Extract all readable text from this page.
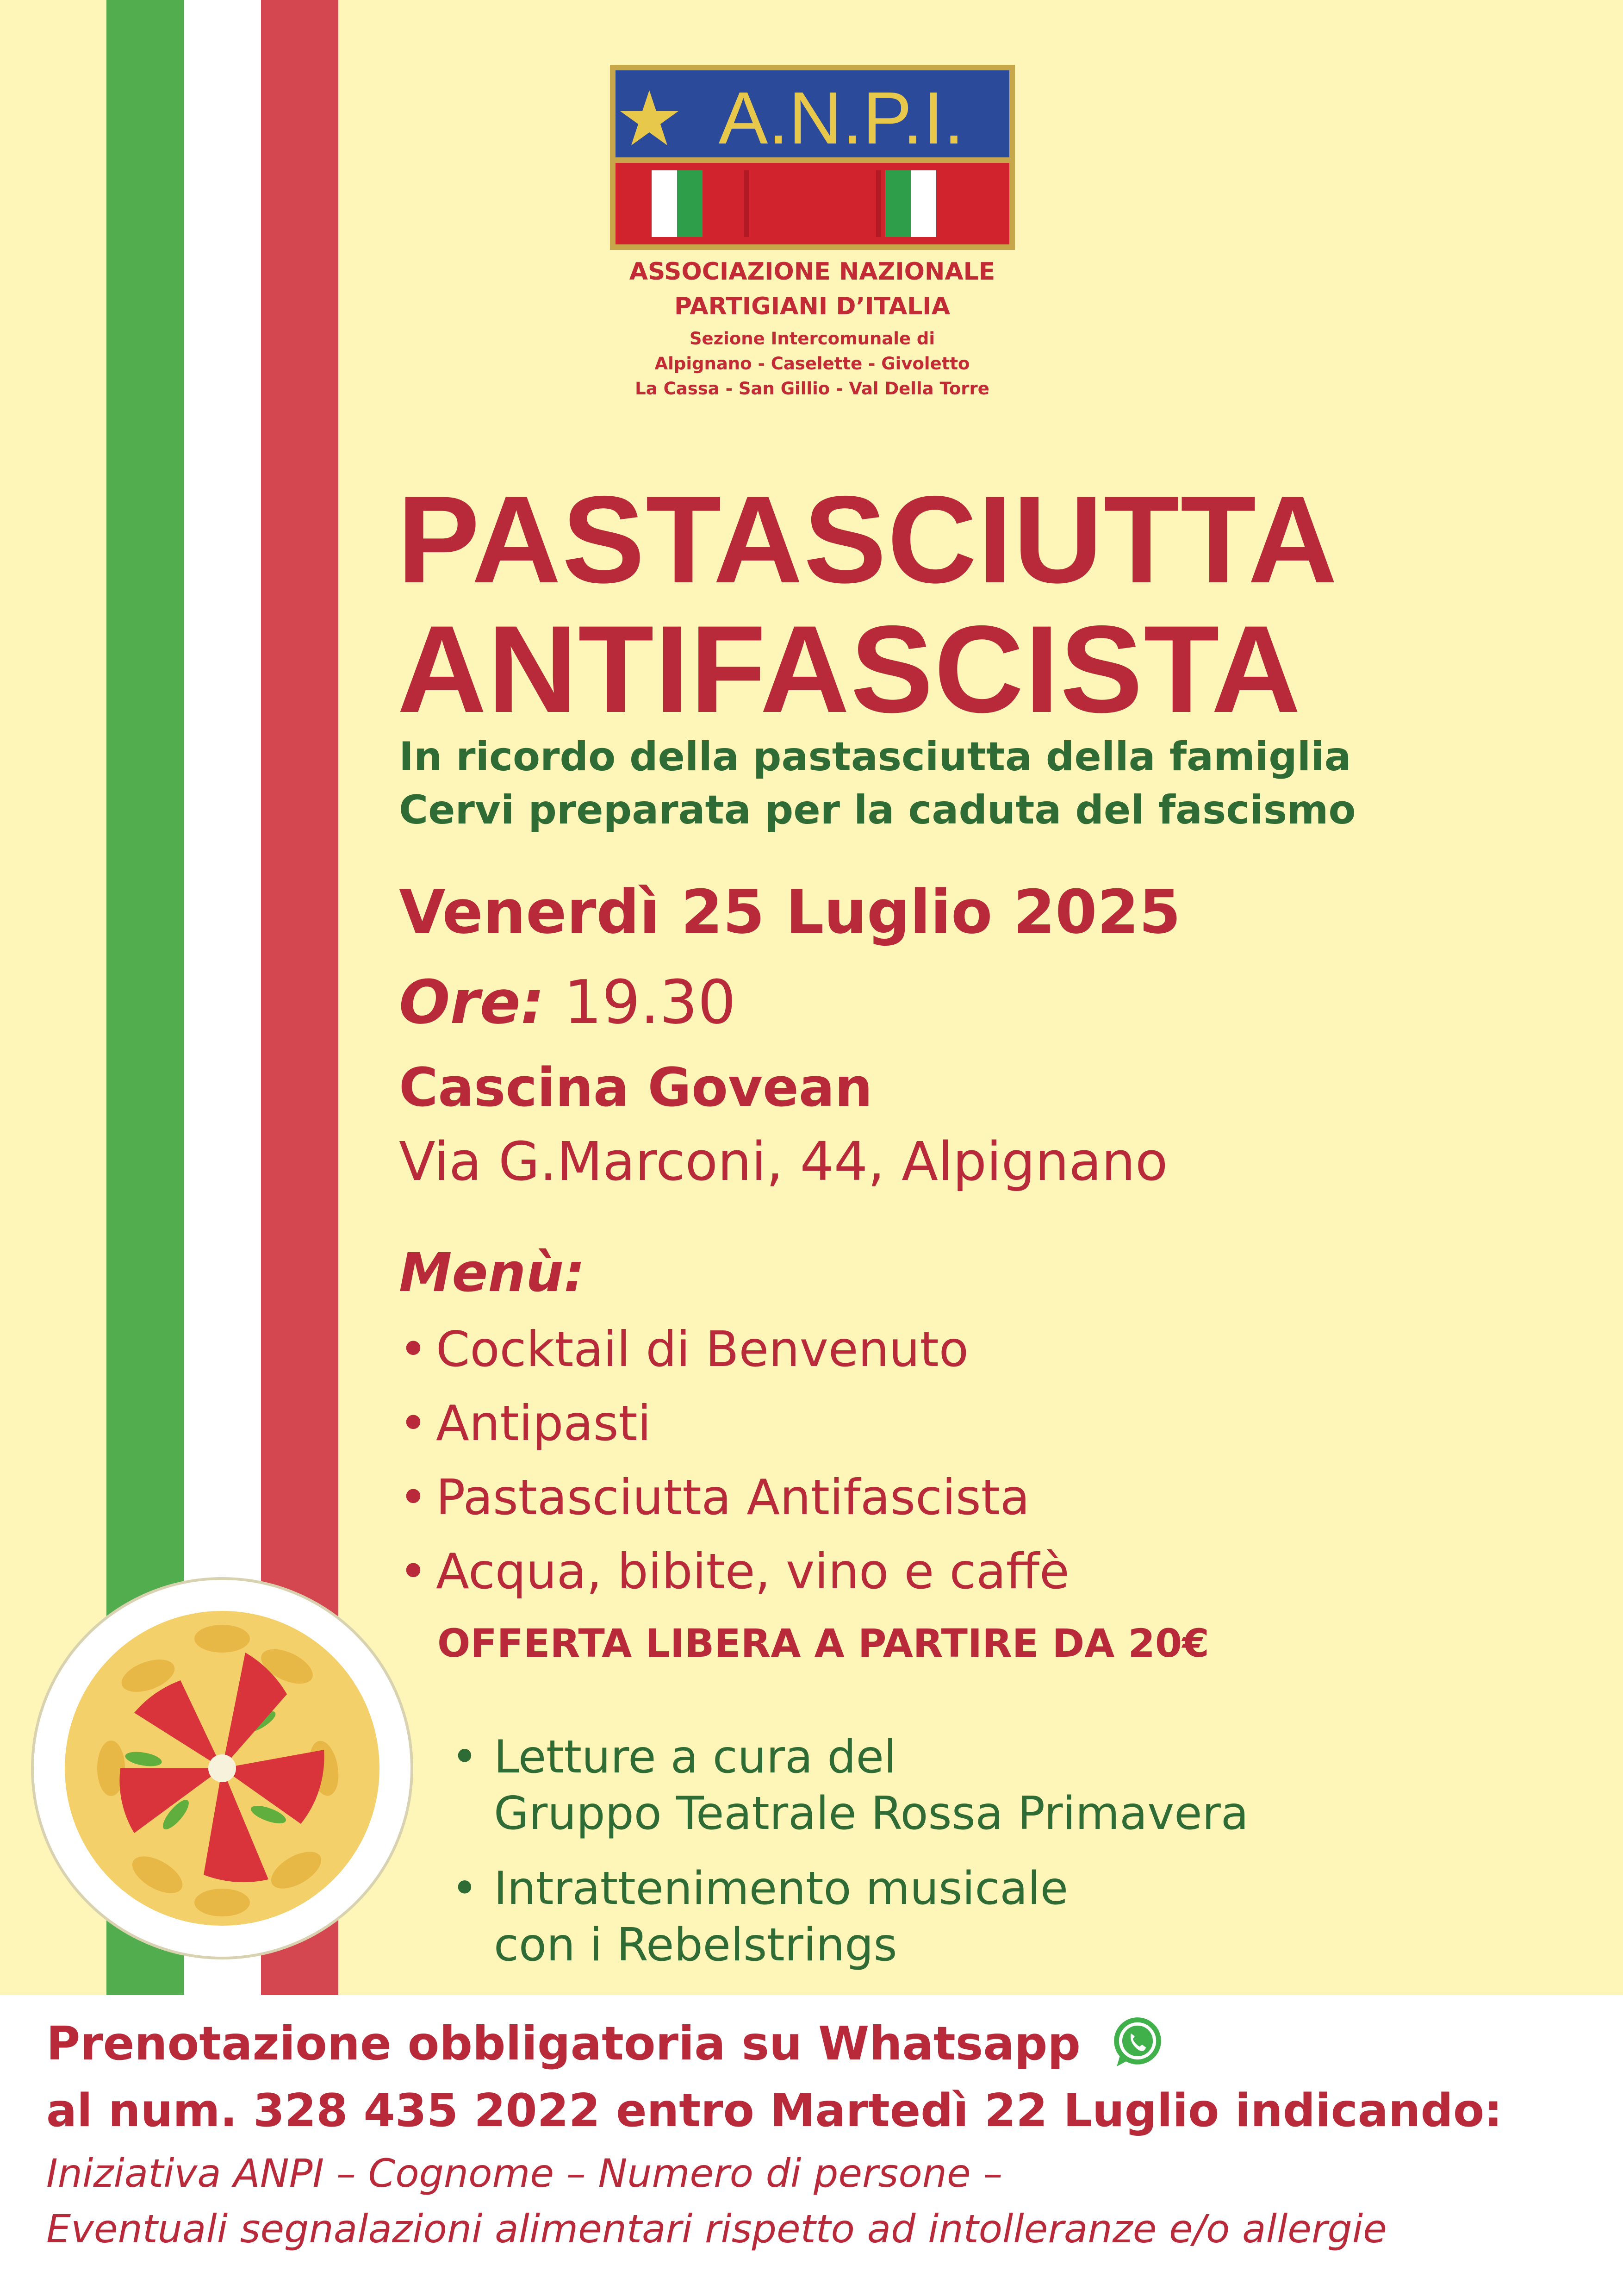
A.N.P.I.
ASSOCIAZIONE NAZIONALE
PARTIGIANI D’ITALIA
Sezione Intercomunale di
Alpignano - Caselette - Givoletto
La Cassa - San Gillio - Val Della Torre
PASTASCIUTTA
ANTIFASCISTA
In ricordo della pastasciutta della famiglia
Cervi preparata per la caduta del fascismo
Venerdì 25 Luglio 2025
Ore: 19.30
Cascina Govean
Via G.Marconi, 44, Alpignano
Menù:
• Cocktail di Benvenuto
• Antipasti
• Pastasciutta Antifascista
• Acqua, bibite, vino e caffè
OFFERTA LIBERA A PARTIRE DA 20€
• Letture a cura del
Gruppo Teatrale Rossa Primavera
• Intrattenimento musicale
con i Rebelstrings
Prenotazione obbligatoria su Whatsapp
al num. 328 435 2022 entro Martedì 22 Luglio indicando:
Iniziativa ANPI – Cognome – Numero di persone –
Eventuali segnalazioni alimentari rispetto ad intolleranze e/o allergie
